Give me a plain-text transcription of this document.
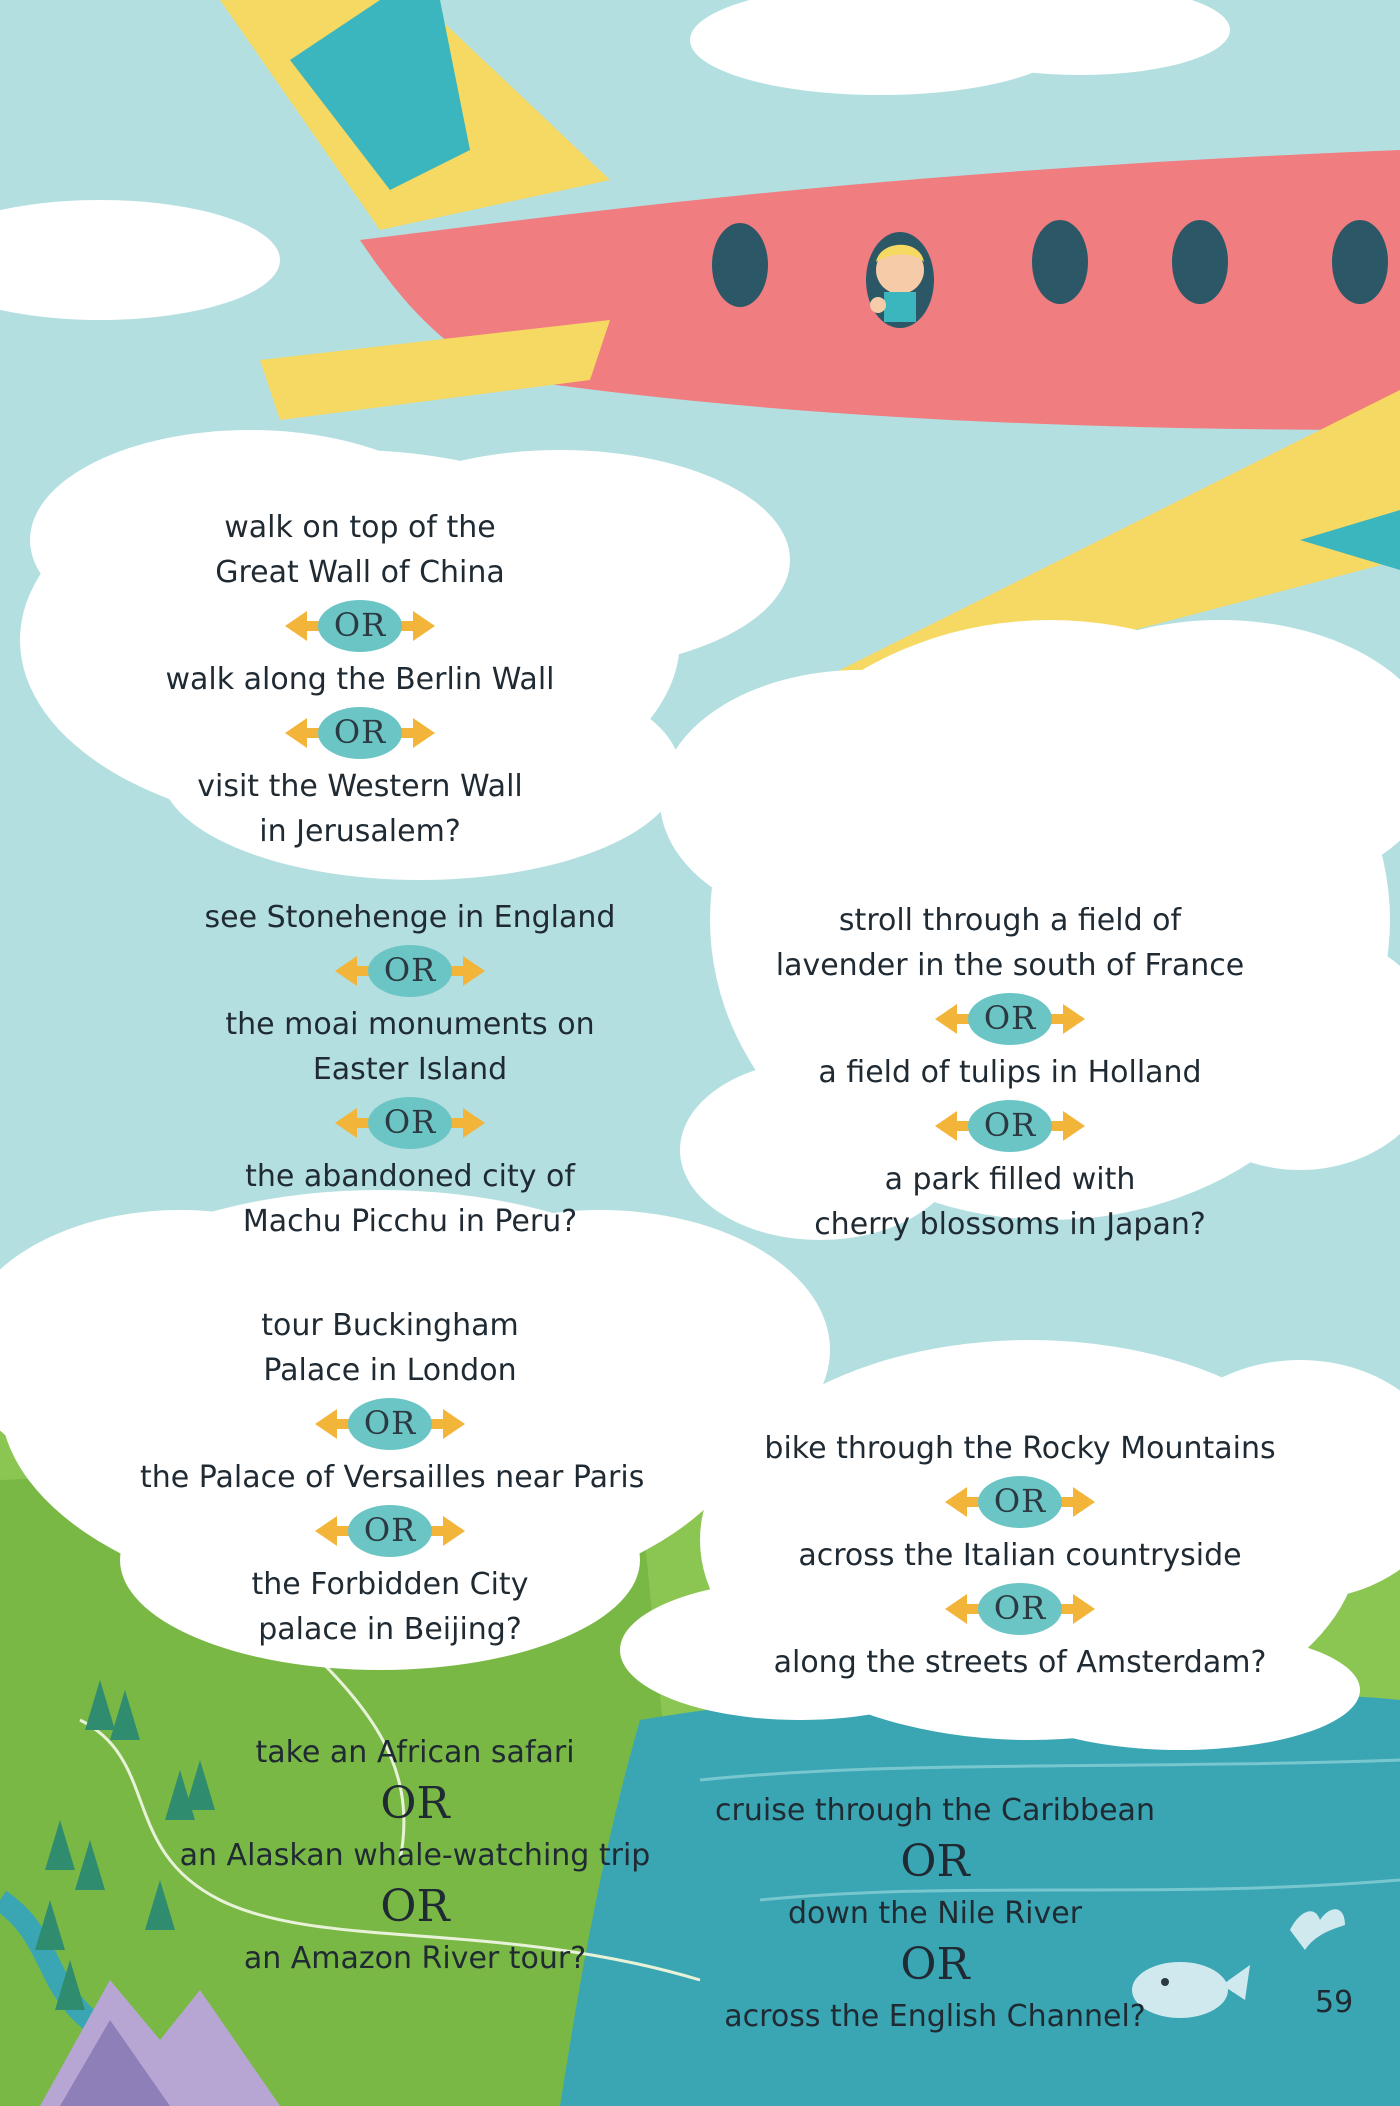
walk on top of the
Great Wall of China
OR
walk along the Berlin Wall
OR
visit the Western Wall
in Jerusalem?
see Stonehenge in England
OR
the moai monuments on
Easter Island
OR
the abandoned city of
Machu Picchu in Peru?
stroll through a field of
lavender in the south of France
OR
a field of tulips in Holland
OR
a park filled with
cherry blossoms in Japan?
tour Buckingham
Palace in London
OR
the Palace of Versailles near Paris
OR
the Forbidden City
palace in Beijing?
bike through the Rocky Mountains
OR
across the Italian countryside
OR
along the streets of Amsterdam?
take an African safari
OR
an Alaskan whale-watching trip
OR
an Amazon River tour?
cruise through the Caribbean
OR
down the Nile River
OR
across the English Channel?	59
